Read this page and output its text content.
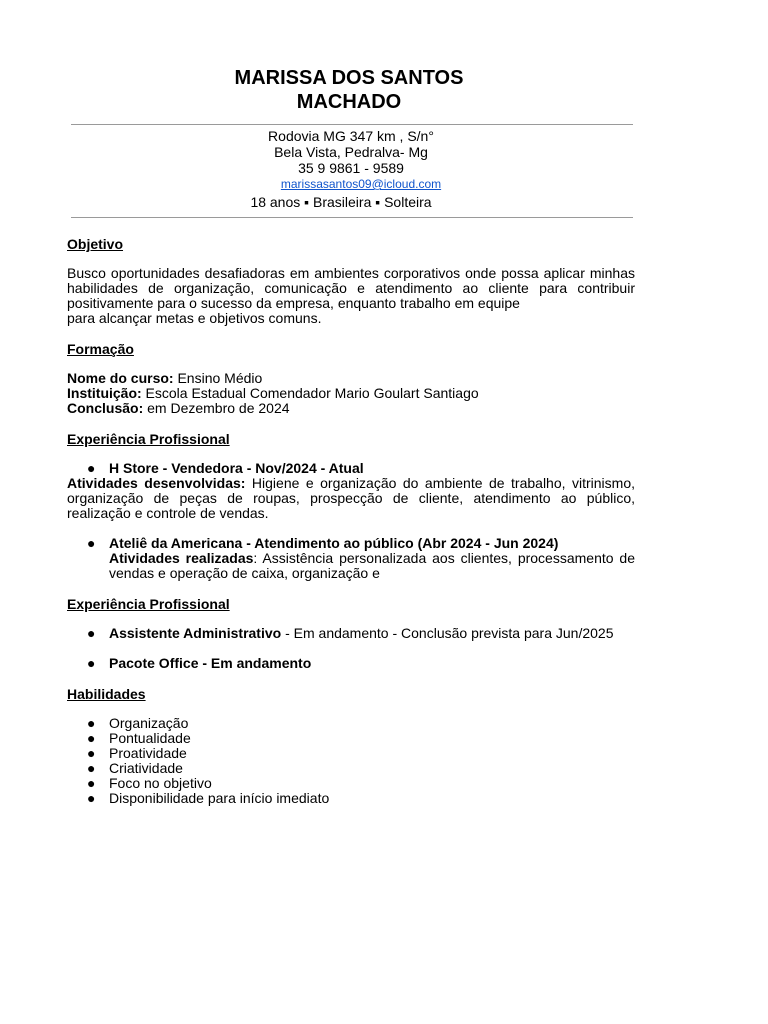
MARISSA DOS SANTOS
MACHADO
Rodovia MG 347 km , S/n°
Bela Vista, Pedralva- Mg
35 9 9861 - 9589
marissasantos09@icloud.com
18 anos ▪ Brasileira ▪ Solteira
Objetivo
Busco oportunidades desafiadoras em ambientes corporativos onde possa aplicar minhas habilidades de organização, comunicação e atendimento ao cliente para contribuir positivamente para o sucesso da empresa, enquanto trabalho em equipe
para alcançar metas e objetivos comuns.
Formação
Nome do curso: Ensino Médio
Instituição: Escola Estadual Comendador Mario Goulart Santiago
Conclusão: em Dezembro de 2024
Experiência Profissional
● H Store - Vendedora - Nov/2024 - Atual
Atividades desenvolvidas: Higiene e organização do ambiente de trabalho, vitrinismo, organização de peças de roupas, prospecção de cliente, atendimento ao público, realização e controle de vendas.
● Ateliê da Americana - Atendimento ao público (Abr 2024 - Jun 2024)
Atividades realizadas: Assistência personalizada aos clientes, processamento de vendas e operação de caixa, organização e
Experiência Profissional
● Assistente Administrativo - Em andamento - Conclusão prevista para Jun/2025
● Pacote Office - Em andamento
Habilidades
● Organização
● Pontualidade
● Proatividade
● Criatividade
● Foco no objetivo
● Disponibilidade para início imediato
